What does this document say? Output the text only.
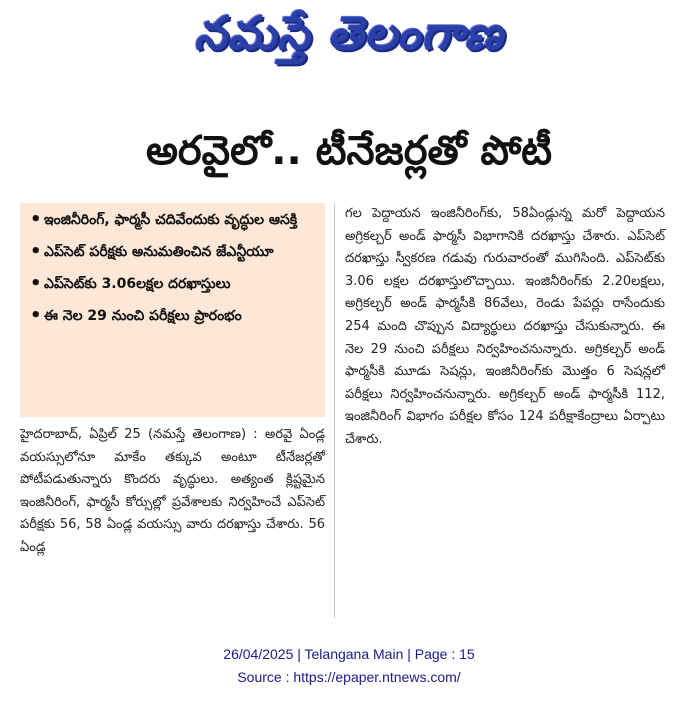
నమస్తే తెలంగాణ
అరవైలో.. టీనేజర్లతో పోటీ
• ఇంజినీరింగ్, ఫార్మసీ చదివేందుకు వృద్ధుల ఆసక్తి
• ఎప్‌సెట్ పరీక్షకు అనుమతించిన జేఎన్టీయూ
• ఎప్‌సెట్‌కు 3.06లక్షల దరఖాస్తులు
• ఈ నెల 29 నుంచి పరీక్షలు ప్రారంభం
హైదరాబాద్, ఏప్రిల్ 25 (నమస్తే తెలంగాణ) : అరవై ఏండ్ల వయస్సులోనూ మాకేం తక్కువ అంటూ టీనేజర్లతో పోటీపడుతున్నారు కొందరు వృద్ధులు. అత్యంత క్లిష్టమైన ఇంజినీరింగ్, ఫార్మసీ కోర్సుల్లో ప్రవేశాలకు నిర్వహించే ఎప్‌సెట్ పరీక్షకు 56, 58 ఏండ్ల వయస్సు వారు దరఖాస్తు చేశారు. 56 ఏండ్ల
గల పెద్దాయన ఇంజినీరింగ్‌కు, 58ఏండ్లున్న మరో పెద్దాయన అగ్రికల్చర్ అండ్ ఫార్మసీ విభాగానికి దరఖాస్తు చేశారు. ఎప్‌సెట్ దరఖాస్తు స్వీకరణ గడువు గురువారంతో ముగిసింది. ఎప్‌సెట్‌కు 3.06 లక్షల దరఖాస్తులొచ్చాయి. ఇంజినీరింగ్‌కు 2.20లక్షలు, అగ్రికల్చర్ అండ్ ఫార్మసీకి 86వేలు, రెండు పేపర్లు రాసేందుకు 254 మంది చొప్పున విద్యార్థులు దరఖాస్తు చేసుకున్నారు. ఈ నెల 29 నుంచి పరీక్షలు నిర్వహించనున్నారు. అగ్రికల్చర్ అండ్ ఫార్మసీకి మూడు సెషన్లు, ఇంజినీరింగ్‌కు మొత్తం 6 సెషన్లలో పరీక్షలు నిర్వహించనున్నారు. అగ్రికల్చర్ అండ్ ఫార్మసీకి 112, ఇంజినీరింగ్ విభాగం పరీక్షల కోసం 124 పరీక్షాకేంద్రాలు ఏర్పాటు చేశారు.
26/04/2025 | Telangana Main | Page : 15
Source : https://epaper.ntnews.com/
